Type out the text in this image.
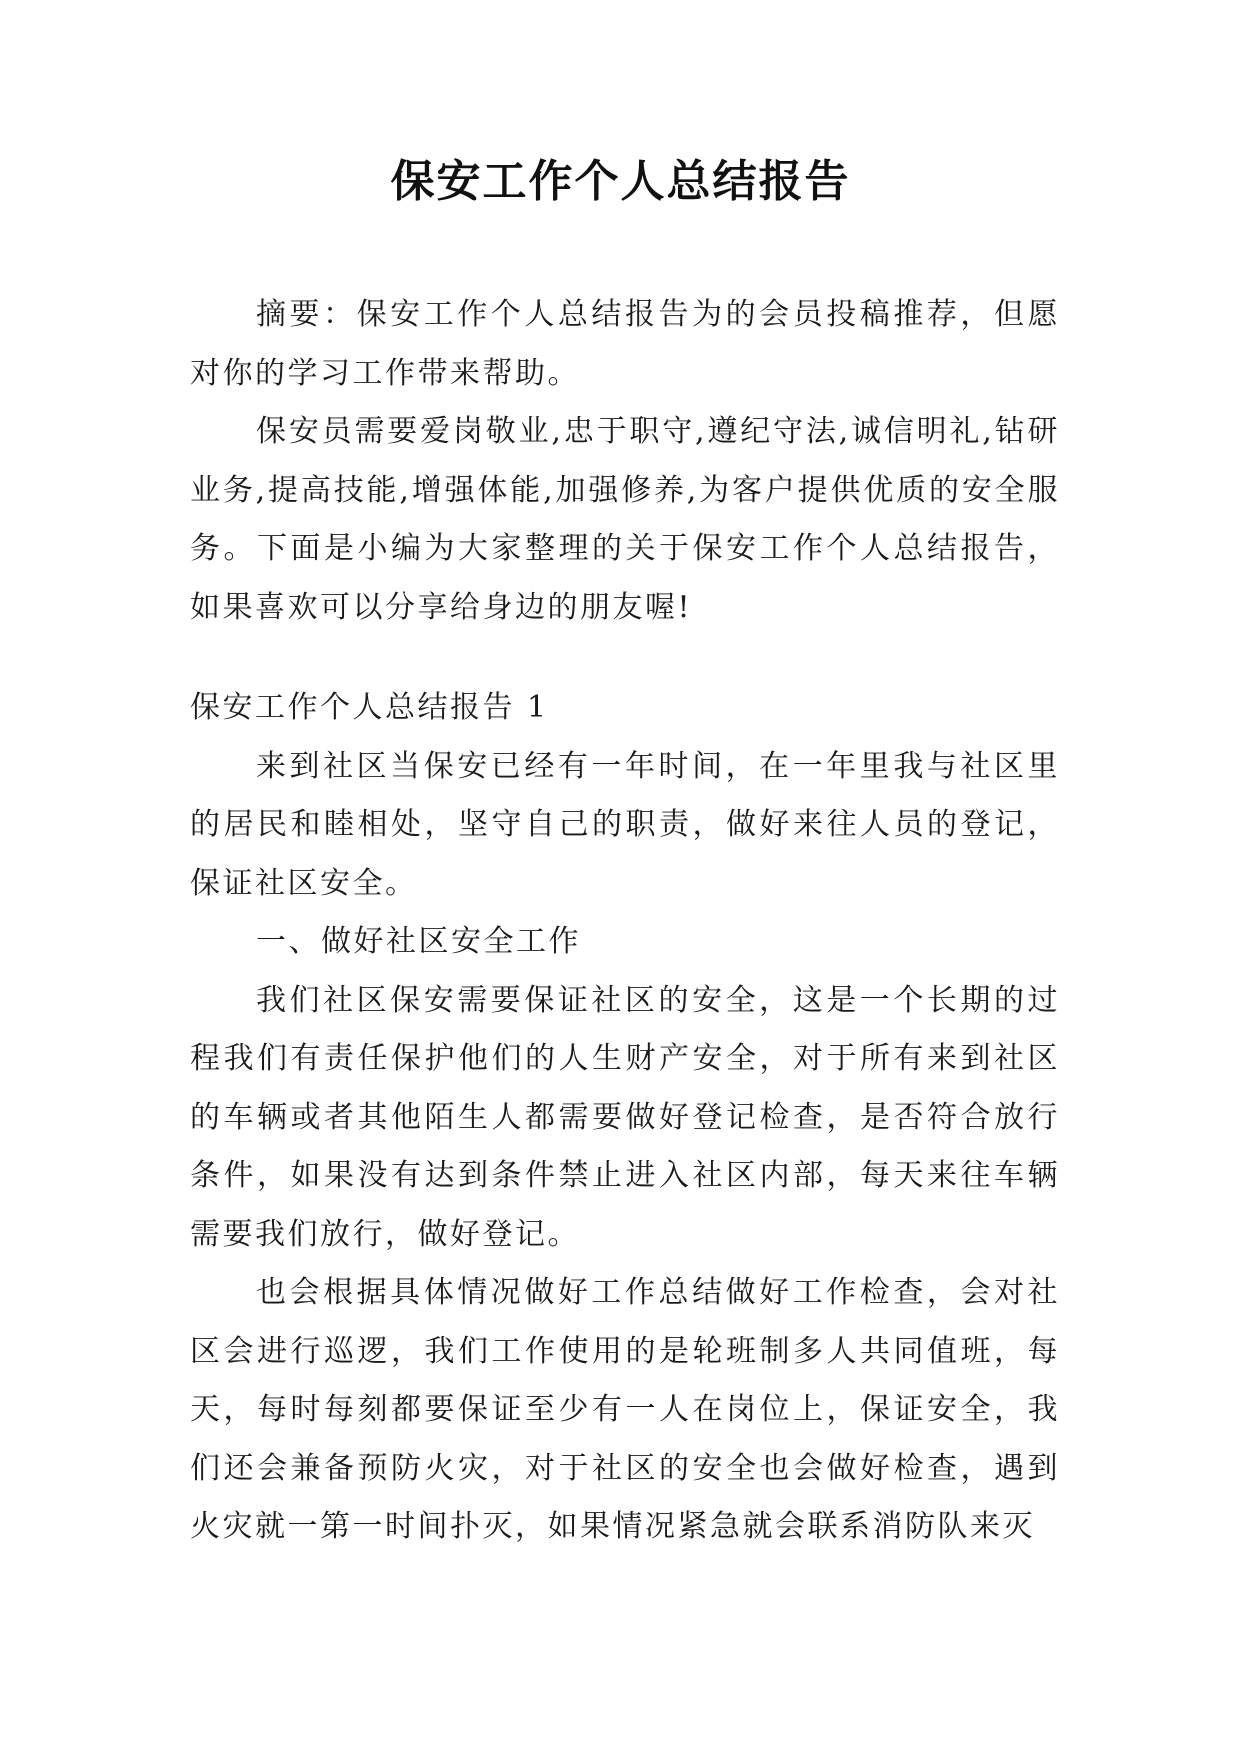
保安工作个人总结报告

摘要：保安工作个人总结报告为的会员投稿推荐，但愿对你的学习工作带来帮助。

保安员需要爱岗敬业,忠于职守,遵纪守法,诚信明礼,钻研业务,提高技能,增强体能,加强修养,为客户提供优质的安全服务。下面是小编为大家整理的关于保安工作个人总结报告，如果喜欢可以分享给身边的朋友喔!

保安工作个人总结报告 1

来到社区当保安已经有一年时间，在一年里我与社区里的居民和睦相处，坚守自己的职责，做好来往人员的登记，保证社区安全。

一、做好社区安全工作

我们社区保安需要保证社区的安全，这是一个长期的过程我们有责任保护他们的人生财产安全，对于所有来到社区的车辆或者其他陌生人都需要做好登记检查，是否符合放行条件，如果没有达到条件禁止进入社区内部，每天来往车辆需要我们放行，做好登记。

也会根据具体情况做好工作总结做好工作检查，会对社区会进行巡逻，我们工作使用的是轮班制多人共同值班，每天，每时每刻都要保证至少有一人在岗位上，保证安全，我们还会兼备预防火灾，对于社区的安全也会做好检查，遇到火灾就一第一时间扑灭，如果情况紧急就会联系消防队来灭
